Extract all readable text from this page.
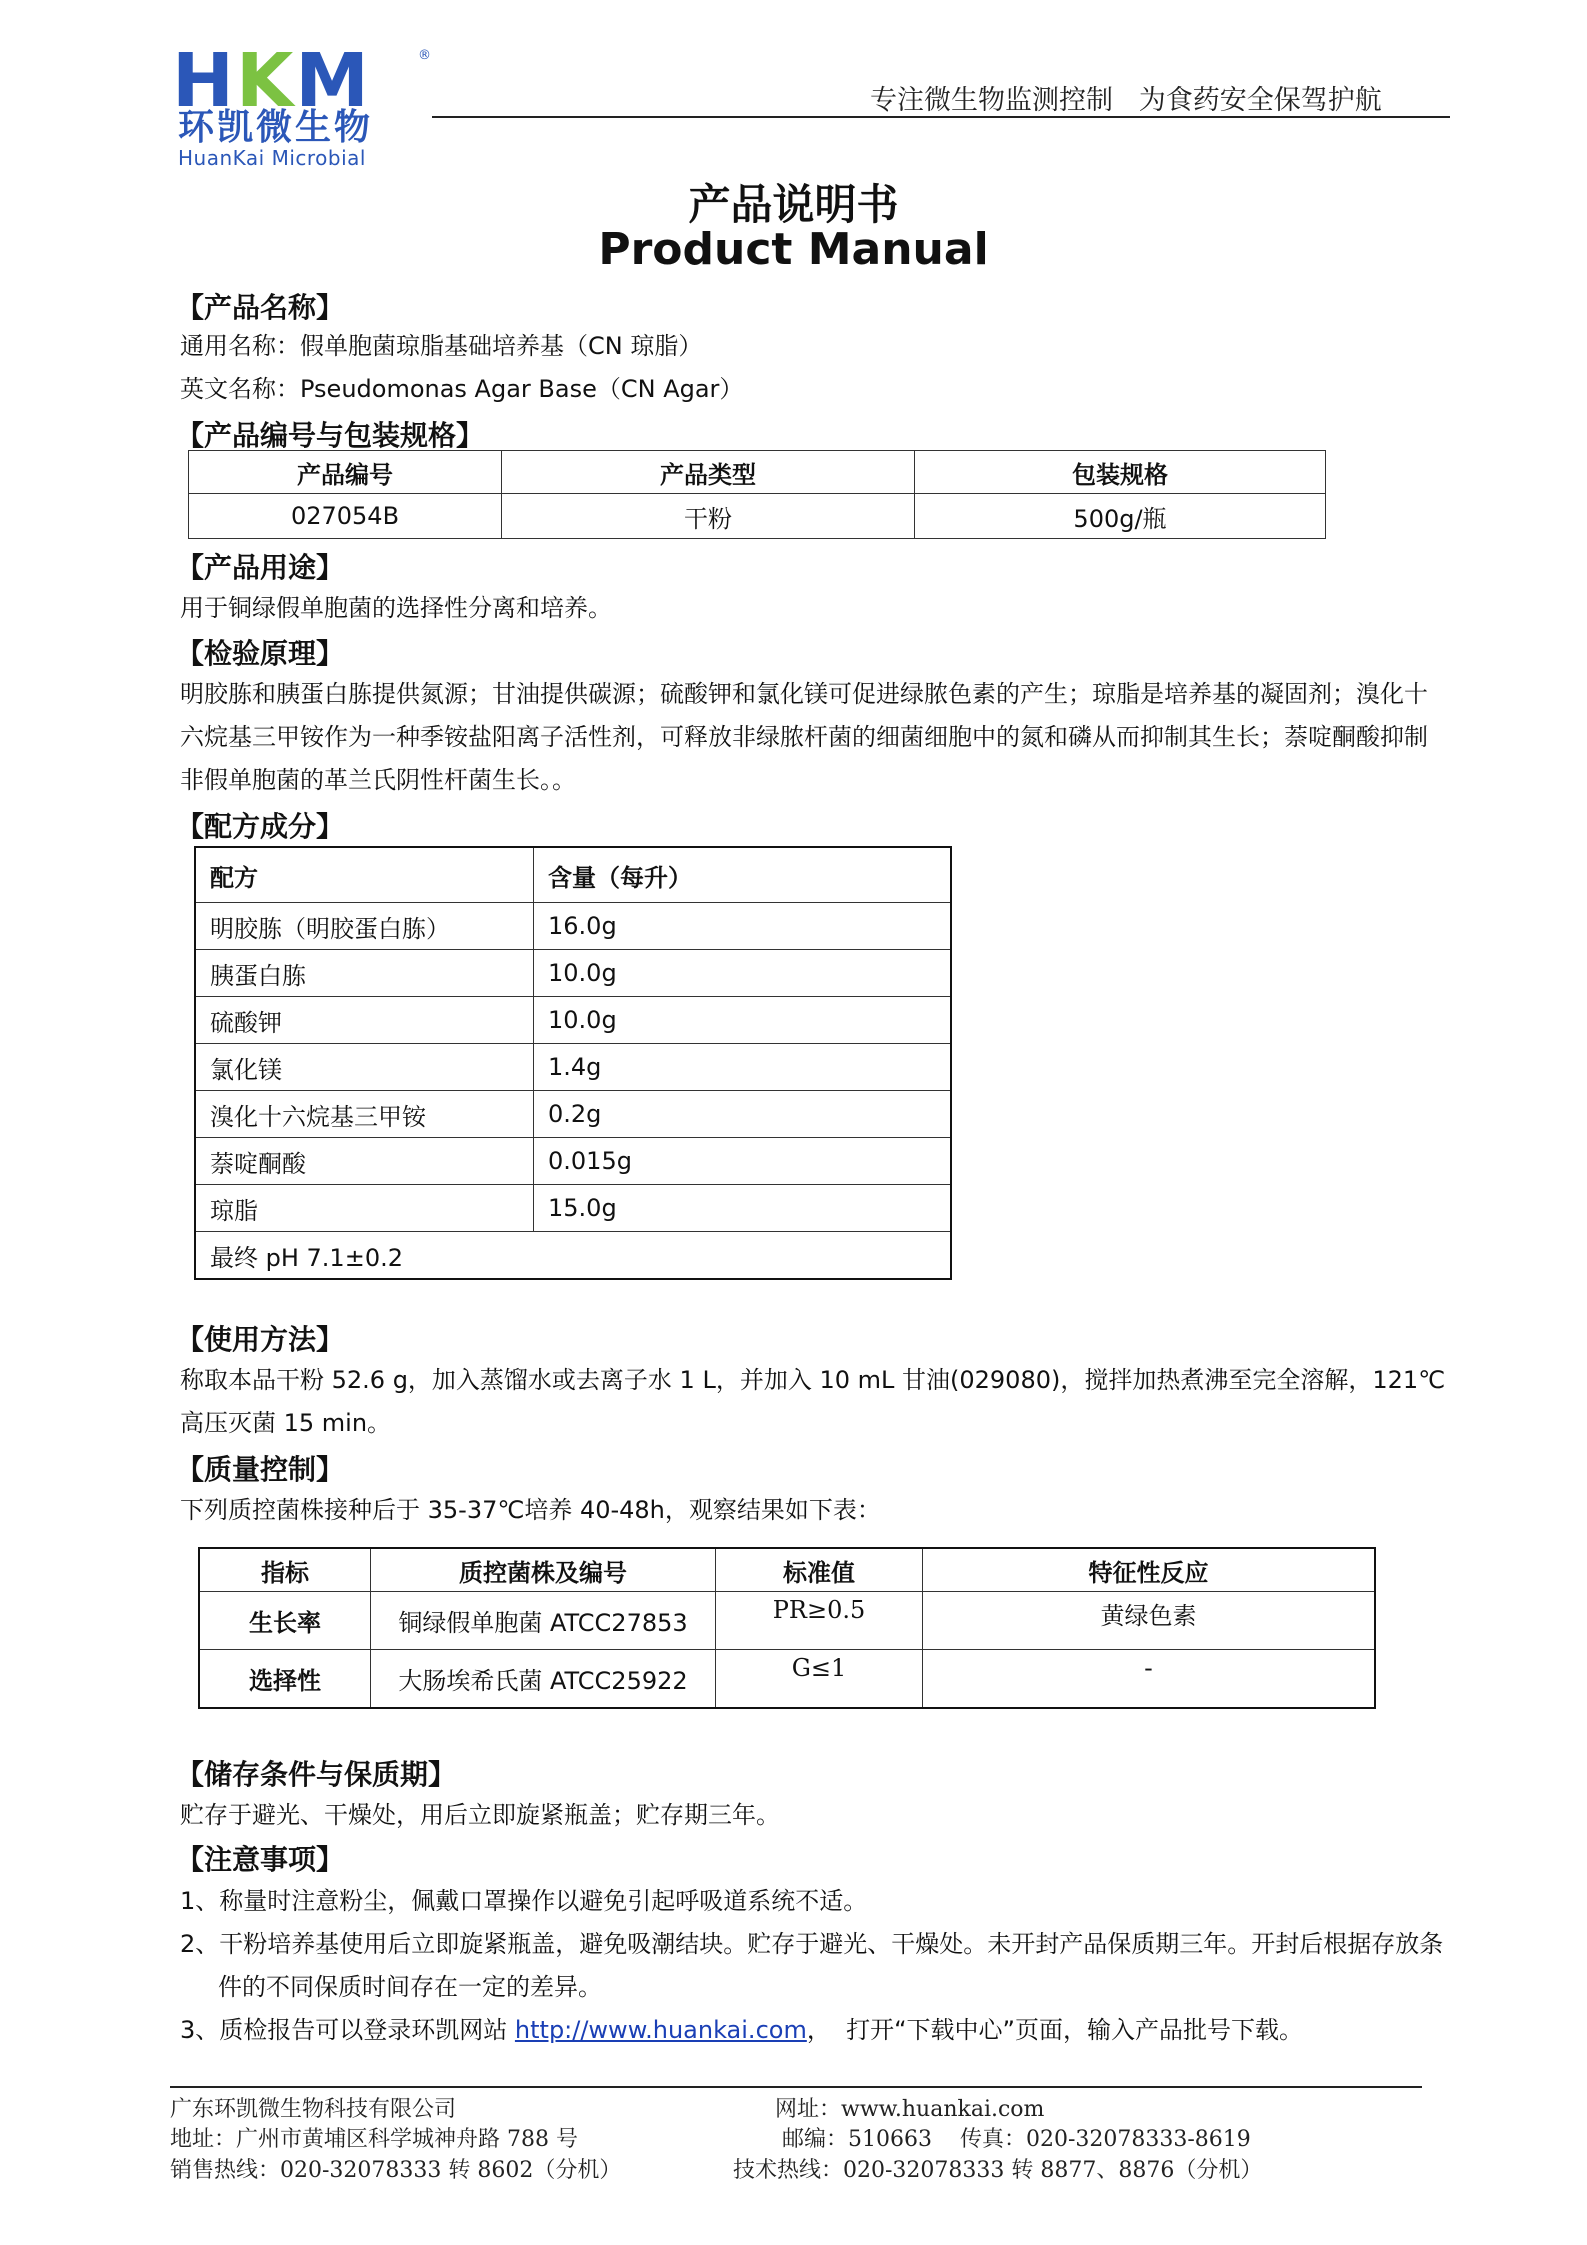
HKM	®
环凯微生物
HuanKai Microbial
专注微生物监测控制   为食药安全保驾护航
产品说明书
Product Manual
【产品名称】
通用名称：假单胞菌琼脂基础培养基（CN 琼脂）
英文名称：Pseudomonas Agar Base（CN Agar）
【产品编号与包装规格】
产品编号	产品类型	包装规格
027054B	干粉	500g/瓶
【产品用途】
用于铜绿假单胞菌的选择性分离和培养。
【检验原理】
明胶胨和胰蛋白胨提供氮源；甘油提供碳源；硫酸钾和氯化镁可促进绿脓色素的产生；琼脂是培养基的凝固剂；溴化十六烷基三甲铵作为一种季铵盐阳离子活性剂，可释放非绿脓杆菌的细菌细胞中的氮和磷从而抑制其生长；萘啶酮酸抑制非假单胞菌的革兰氏阴性杆菌生长。。
【配方成分】
配方	含量（每升）
明胶胨（明胶蛋白胨）	16.0g
胰蛋白胨	10.0g
硫酸钾	10.0g
氯化镁	1.4g
溴化十六烷基三甲铵	0.2g
萘啶酮酸	0.015g
琼脂	15.0g
最终 pH 7.1±0.2	
【使用方法】
称取本品干粉 52.6 g，加入蒸馏水或去离子水 1 L，并加入 10 mL 甘油(029080)，搅拌加热煮沸至完全溶解，121℃高压灭菌 15 min。
【质量控制】
下列质控菌株接种后于 35-37℃培养 40-48h，观察结果如下表：
指标	质控菌株及编号	标准值	特征性反应
生长率	铜绿假单胞菌 ATCC27853	PR≥0.5	黄绿色素
选择性	大肠埃希氏菌 ATCC25922	G≤1	-
【储存条件与保质期】
贮存于避光、干燥处，用后立即旋紧瓶盖；贮存期三年。
【注意事项】
1、称量时注意粉尘，佩戴口罩操作以避免引起呼吸道系统不适。
2、干粉培养基使用后立即旋紧瓶盖，避免吸潮结块。贮存于避光、干燥处。未开封产品保质期三年。开封后根据存放条件的不同保质时间存在一定的差异。
3、质检报告可以登录环凯网站 http://www.huankai.com，  打开“下载中心”页面，输入产品批号下载。
广东环凯微生物科技有限公司	网址：www.huankai.com
地址：广州市黄埔区科学城神舟路 788 号	邮编：510663    传真：020-32078333-8619
销售热线：020-32078333 转 8602（分机）	技术热线：020-32078333 转 8877、8876（分机）
